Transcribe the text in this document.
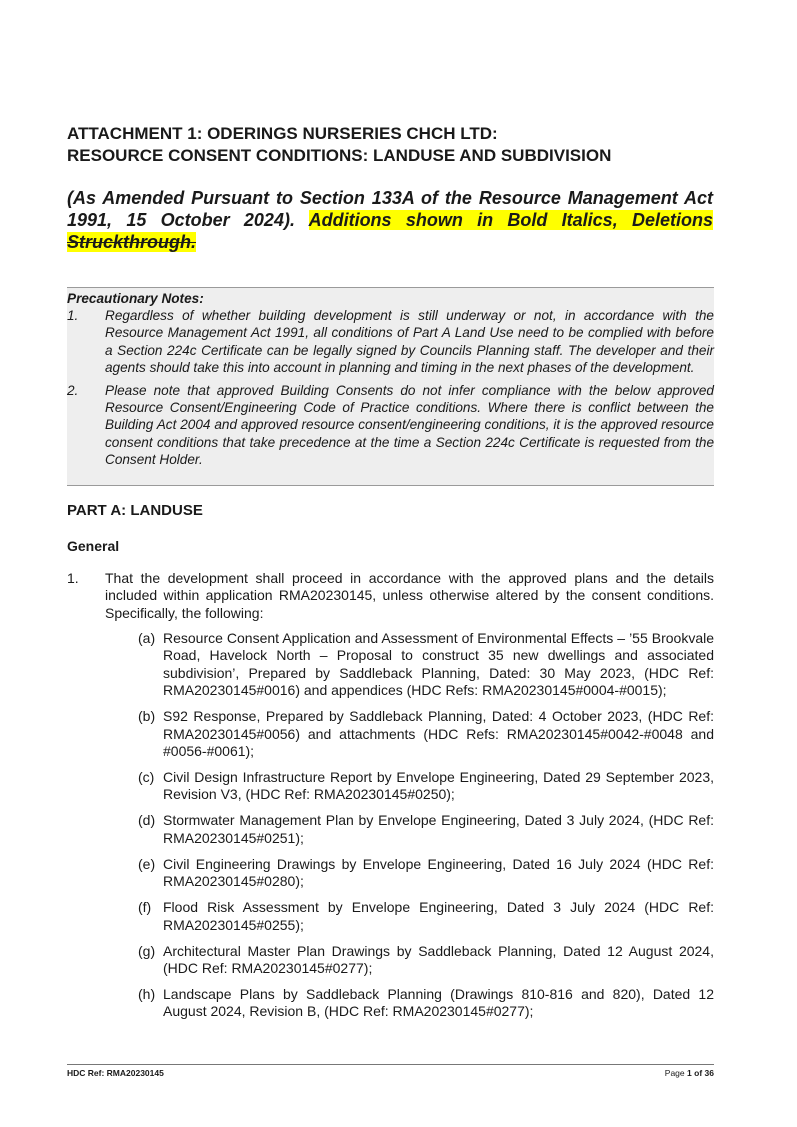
ATTACHMENT 1: ODERINGS NURSERIES CHCH LTD:
RESOURCE CONSENT CONDITIONS: LANDUSE AND SUBDIVISION

(As Amended Pursuant to Section 133A of the Resource Management Act 1991, 15 October 2024). Additions shown in Bold Italics, Deletions Struckthrough.

Precautionary Notes:

1.	Regardless of whether building development is still underway or not, in accordance with the Resource Management Act 1991, all conditions of Part A Land Use need to be complied with before a Section 224c Certificate can be legally signed by Councils Planning staff. The developer and their agents should take this into account in planning and timing in the next phases of the development.
2.	Please note that approved Building Consents do not infer compliance with the below approved Resource Consent/Engineering Code of Practice conditions. Where there is conflict between the Building Act 2004 and approved resource consent/engineering conditions, it is the approved resource consent conditions that take precedence at the time a Section 224c Certificate is requested from the Consent Holder.

PART A: LANDUSE

General

1.	That the development shall proceed in accordance with the approved plans and the details included within application RMA20230145, unless otherwise altered by the consent conditions. Specifically, the following:
(a) Resource Consent Application and Assessment of Environmental Effects – ’55 Brookvale Road, Havelock North – Proposal to construct 35 new dwellings and associated subdivision’, Prepared by Saddleback Planning, Dated: 30 May 2023, (HDC Ref: RMA20230145#0016) and appendices (HDC Refs: RMA20230145#0004-#0015);
(b) S92 Response, Prepared by Saddleback Planning, Dated: 4 October 2023, (HDC Ref: RMA20230145#0056) and attachments (HDC Refs: RMA20230145#0042-#0048 and #0056-#0061);
(c) Civil Design Infrastructure Report by Envelope Engineering, Dated 29 September 2023, Revision V3, (HDC Ref: RMA20230145#0250);
(d) Stormwater Management Plan by Envelope Engineering, Dated 3 July 2024, (HDC Ref: RMA20230145#0251);
(e) Civil Engineering Drawings by Envelope Engineering, Dated 16 July 2024 (HDC Ref: RMA20230145#0280);
(f) Flood Risk Assessment by Envelope Engineering, Dated 3 July 2024 (HDC Ref: RMA20230145#0255);
(g) Architectural Master Plan Drawings by Saddleback Planning, Dated 12 August 2024, (HDC Ref: RMA20230145#0277);
(h) Landscape Plans by Saddleback Planning (Drawings 810-816 and 820), Dated 12 August 2024, Revision B, (HDC Ref: RMA20230145#0277);
HDC Ref: RMA20230145	Page 1 of 36
